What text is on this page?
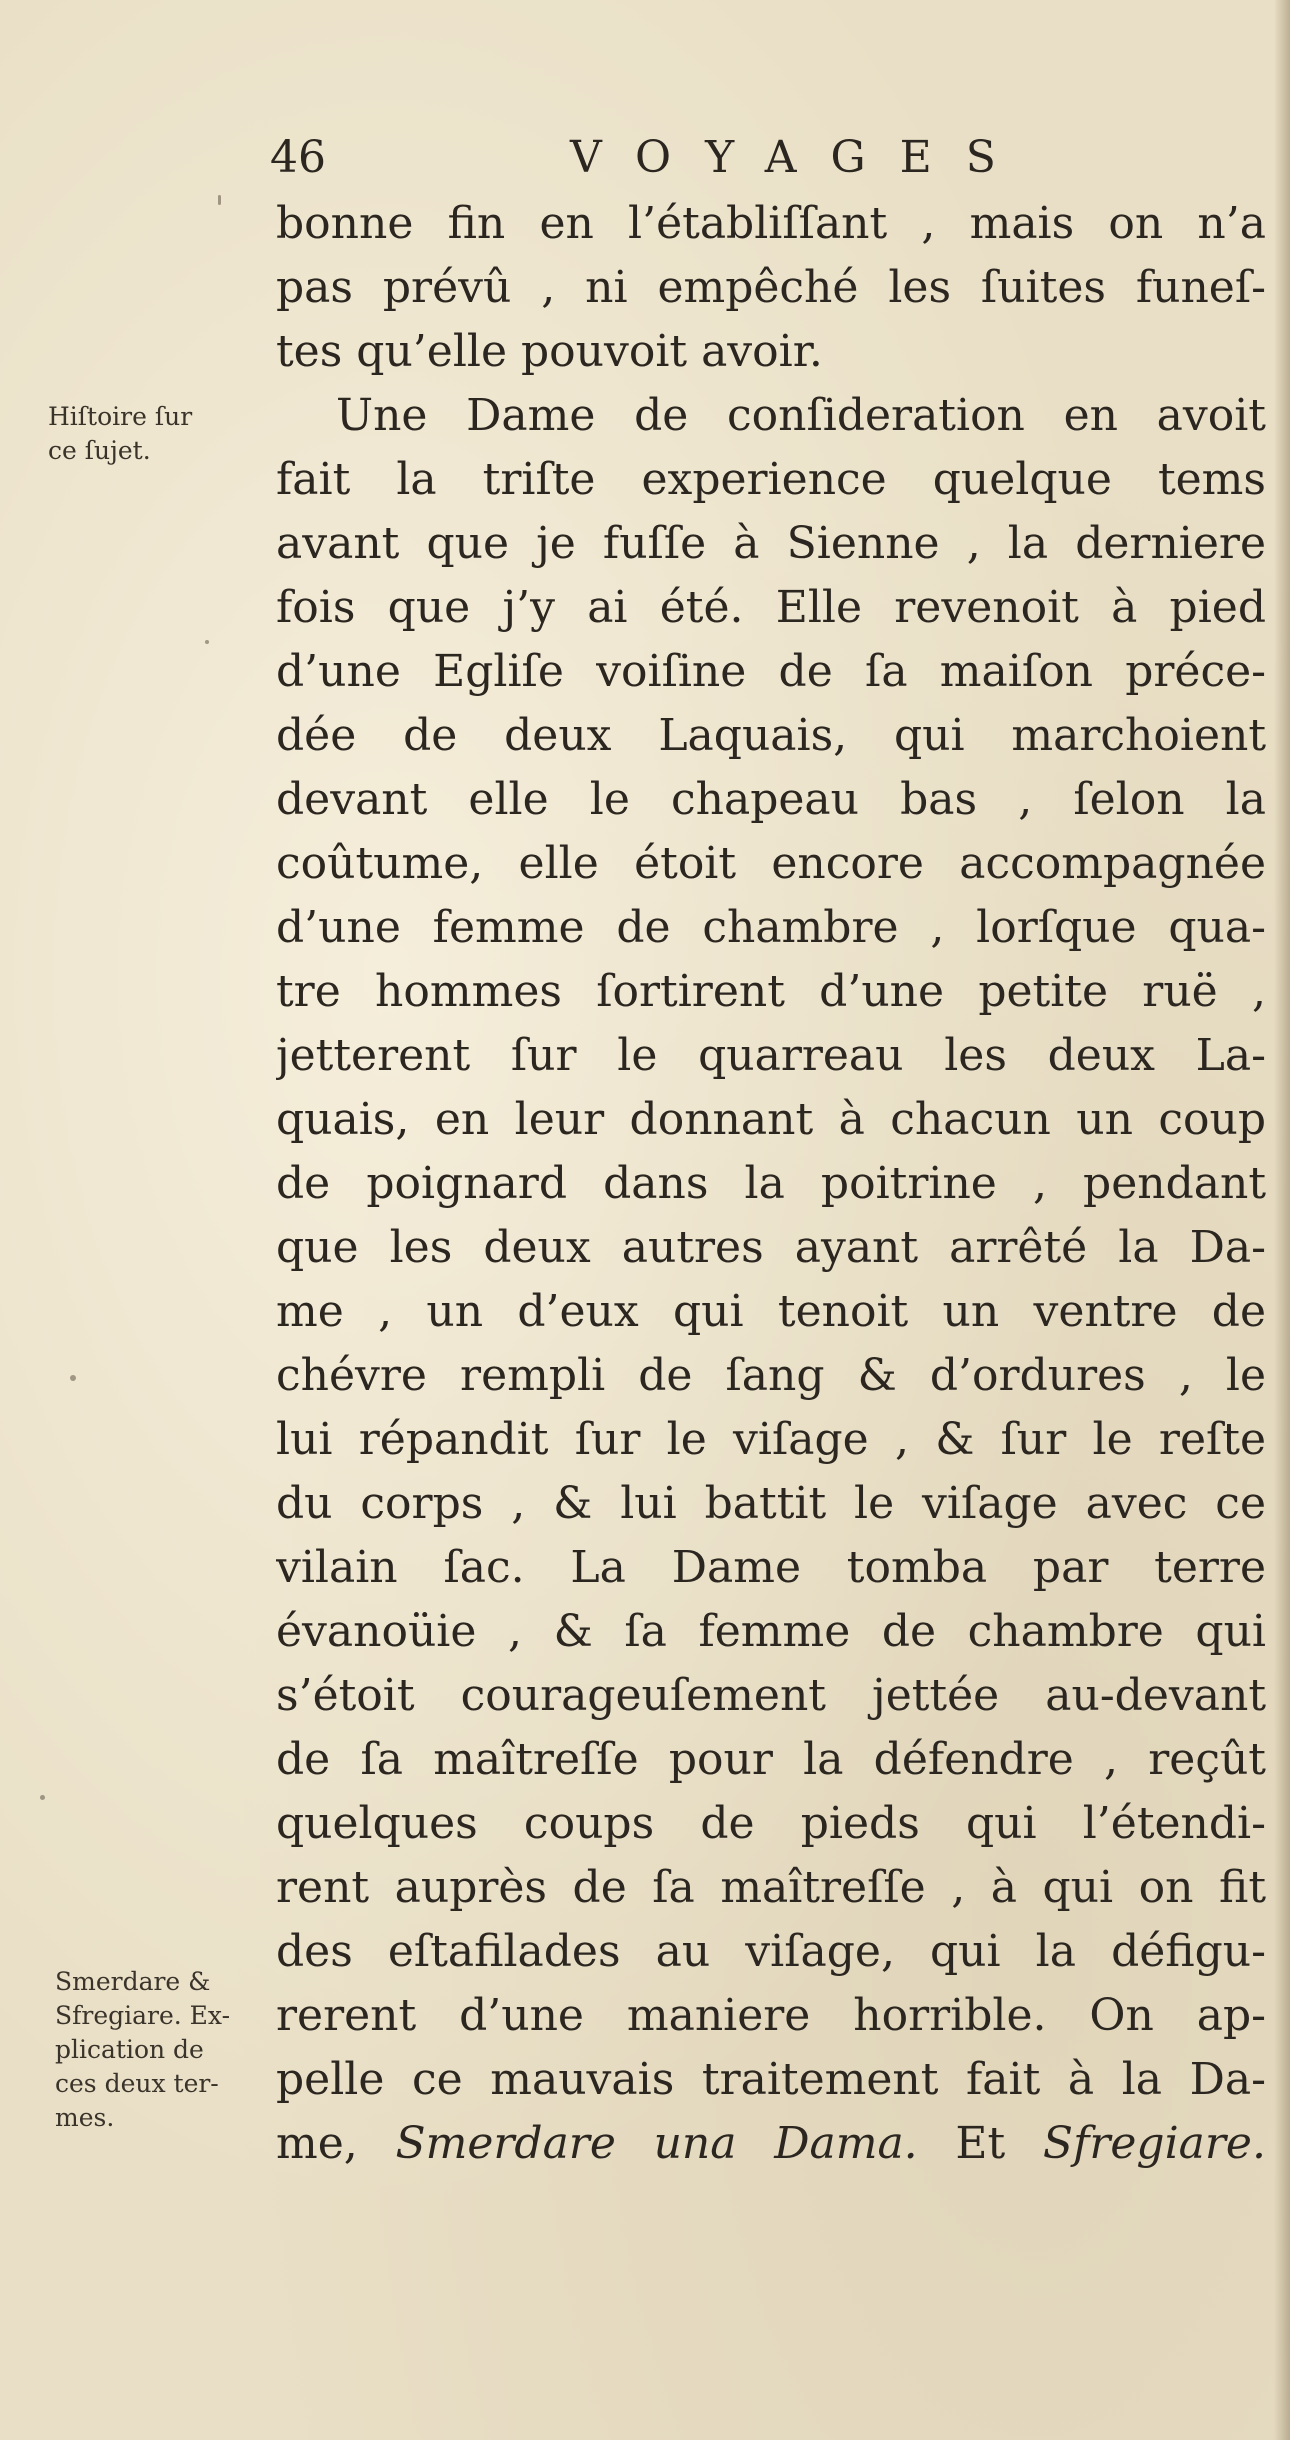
46	VOYAGES
Hiſtoire ſur
ce ſujet.
Smerdare &
Sfregiare. Ex-
plication de
ces deux ter-
mes.
bonne fin en l’établiſſant , mais on n’a
pas prévû , ni empêché les ſuites funeſ-
tes qu’elle pouvoit avoir.
Une Dame de conſideration en avoit
fait la triſte experience quelque tems
avant que je fuſſe à Sienne , la derniere
fois que j’y ai été. Elle revenoit à pied
d’une Egliſe voiſine de ſa maiſon préce-
dée de deux Laquais, qui marchoient
devant elle le chapeau bas , ſelon la
coûtume, elle étoit encore accompagnée
d’une femme de chambre , lorſque qua-
tre hommes ſortirent d’une petite ruë ,
jetterent ſur le quarreau les deux La-
quais, en leur donnant à chacun un coup
de poignard dans la poitrine , pendant
que les deux autres ayant arrêté la Da-
me , un d’eux qui tenoit un ventre de
chévre rempli de ſang & d’ordures , le
lui répandit ſur le viſage , & ſur le reſte
du corps , & lui battit le viſage avec ce
vilain ſac. La Dame tomba par terre
évanoüie , & ſa femme de chambre qui
s’étoit courageuſement jettée au-devant
de ſa maîtreſſe pour la défendre , reçût
quelques coups de pieds qui l’étendi-
rent auprès de ſa maîtreſſe , à qui on fit
des eſtafilades au viſage, qui la défigu-
rerent d’une maniere horrible. On ap-
pelle ce mauvais traitement fait à la Da-
me, Smerdare una Dama. Et Sfregiare.
